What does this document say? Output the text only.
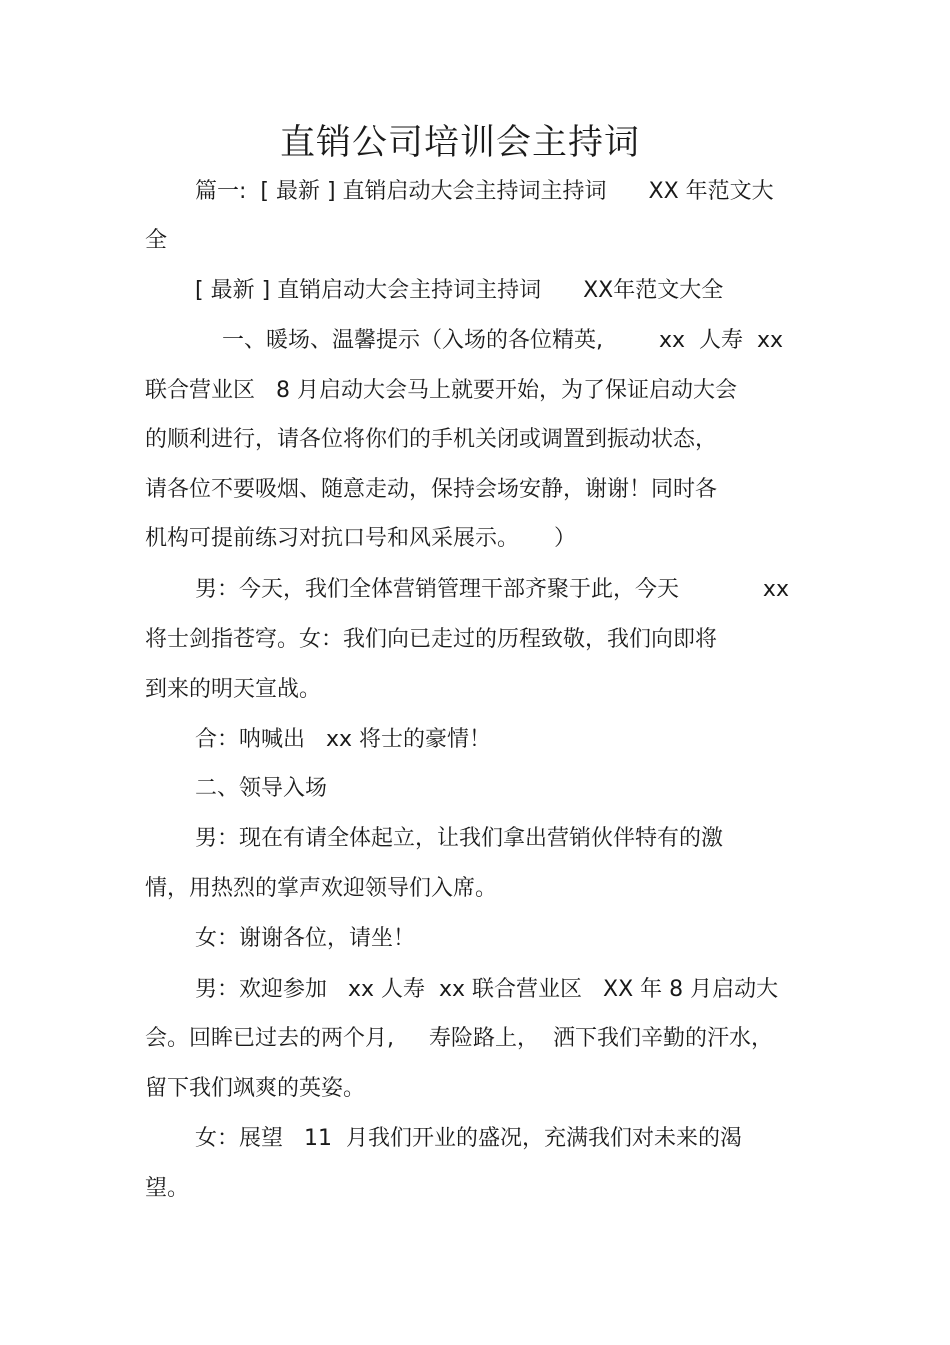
直销公司培训会主持词

篇一:  [ 最新 ] 直销启动大会主持词主持词      XX 年范文大

全

[ 最新 ] 直销启动大会主持词主持词      XX年范文大全

一、暖场、温馨提示（入场的各位精英,        xx  人寿  xx

联合营业区   8 月启动大会马上就要开始，为了保证启动大会

的顺利进行，请各位将你们的手机关闭或调置到振动状态，

请各位不要吸烟、随意走动，保持会场安静，谢谢！同时各

机构可提前练习对抗口号和风采展示。     ）

男：今天，我们全体营销管理干部齐聚于此，今天            xx

将士剑指苍穹。女：我们向已走过的历程致敬，我们向即将

到来的明天宣战。

合：呐喊出   xx 将士的豪情！

二、领导入场

男：现在有请全体起立，让我们拿出营销伙伴特有的激

情，用热烈的掌声欢迎领导们入席。

女：谢谢各位，请坐！

男：欢迎参加   xx 人寿  xx 联合营业区   XX 年 8 月启动大

会。回眸已过去的两个月,     寿险路上，  洒下我们辛勤的汗水，

留下我们飒爽的英姿。

女：展望   11  月我们开业的盛况，充满我们对未来的渴

望。
